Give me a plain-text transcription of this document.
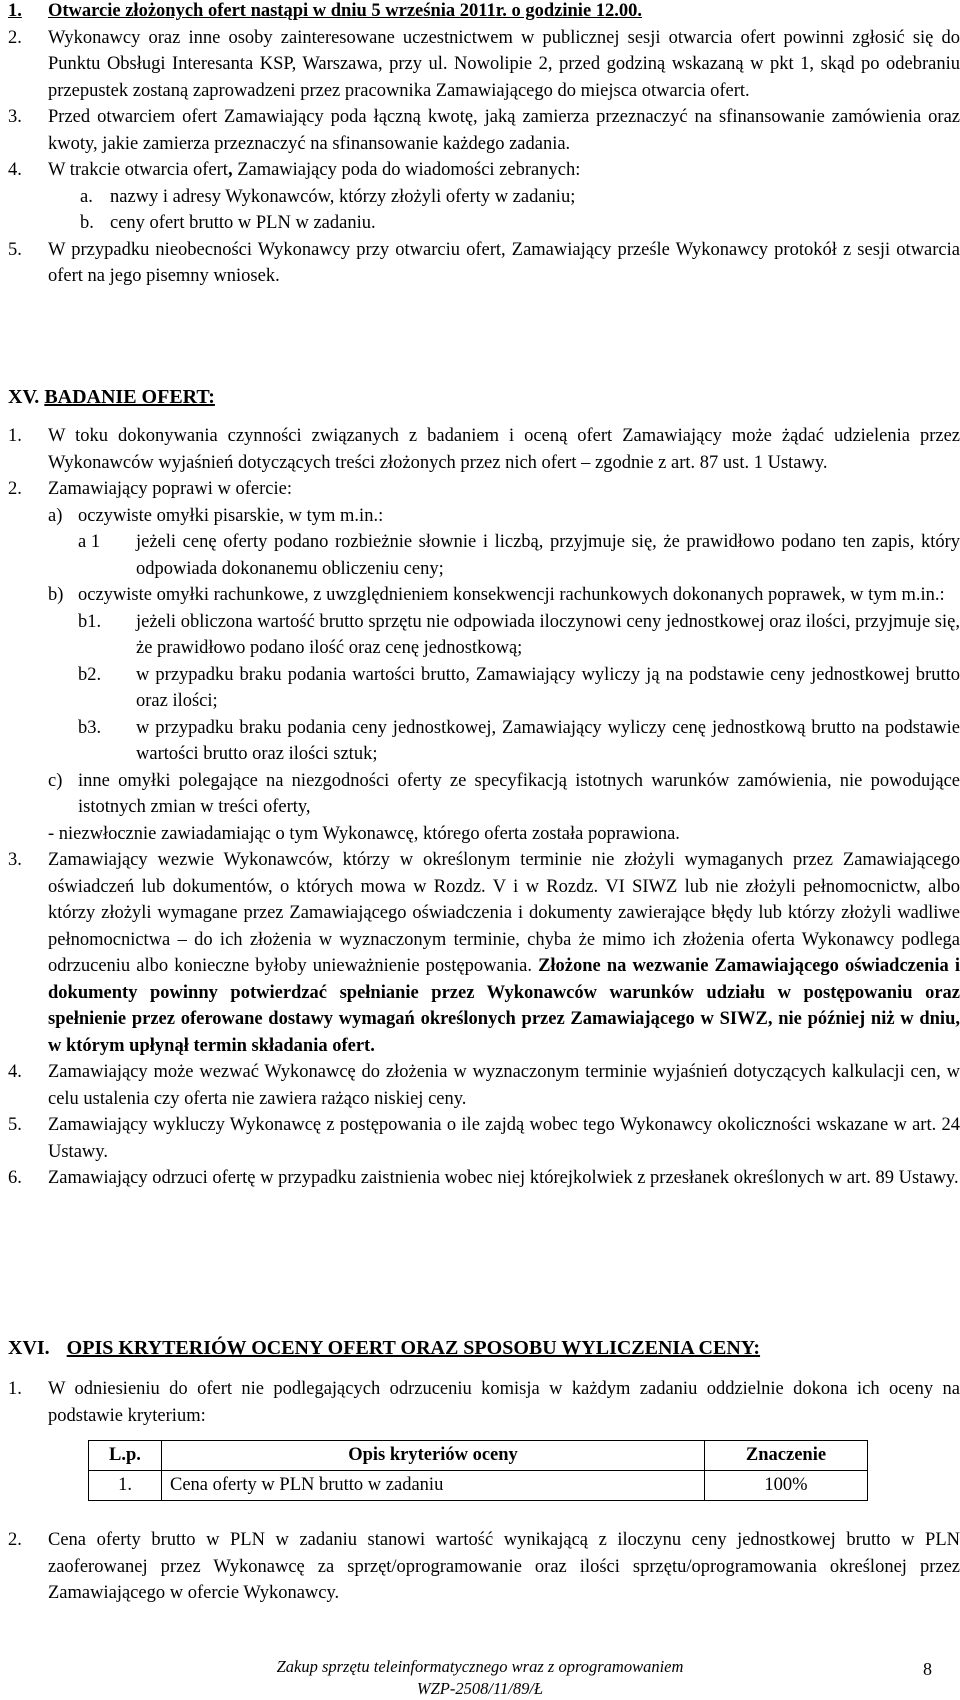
1. Otwarcie złożonych ofert nastąpi w dniu 5 września 2011r. o godzinie 12.00.
2. Wykonawcy oraz inne osoby zainteresowane uczestnictwem w publicznej sesji otwarcia ofert powinni zgłosić się do Punktu Obsługi Interesanta KSP, Warszawa, przy ul. Nowolipie 2, przed godziną wskazaną w pkt 1, skąd po odebraniu przepustek zostaną zaprowadzeni przez pracownika Zamawiającego do miejsca otwarcia ofert.
3. Przed otwarciem ofert Zamawiający poda łączną kwotę, jaką zamierza przeznaczyć na sfinansowanie zamówienia oraz kwoty, jakie zamierza przeznaczyć na sfinansowanie każdego zadania.
4. W trakcie otwarcia ofert, Zamawiający poda do wiadomości zebranych:
a. nazwy i adresy Wykonawców, którzy złożyli oferty w zadaniu;
b. ceny ofert brutto w PLN w zadaniu.
5. W przypadku nieobecności Wykonawcy przy otwarciu ofert, Zamawiający prześle Wykonawcy protokół z sesji otwarcia ofert na jego pisemny wniosek.
XV. BADANIE OFERT:
1. W toku dokonywania czynności związanych z badaniem i oceną ofert Zamawiający może żądać udzielenia przez Wykonawców wyjaśnień dotyczących treści złożonych przez nich ofert – zgodnie z art. 87 ust. 1 Ustawy.
2. Zamawiający poprawi w ofercie:
a) oczywiste omyłki pisarskie, w tym m.in.:
a 1 jeżeli cenę oferty podano rozbieżnie słownie i liczbą, przyjmuje się, że prawidłowo podano ten zapis, który odpowiada dokonanemu obliczeniu ceny;
b) oczywiste omyłki rachunkowe, z uwzględnieniem konsekwencji rachunkowych dokonanych poprawek, w tym m.in.:
b1. jeżeli obliczona wartość brutto sprzętu nie odpowiada iloczynowi ceny jednostkowej oraz ilości, przyjmuje się, że prawidłowo podano ilość oraz cenę jednostkową;
b2. w przypadku braku podania wartości brutto, Zamawiający wyliczy ją na podstawie ceny jednostkowej brutto oraz ilości;
b3. w przypadku braku podania ceny jednostkowej, Zamawiający wyliczy cenę jednostkową brutto na podstawie wartości brutto oraz ilości sztuk;
c) inne omyłki polegające na niezgodności oferty ze specyfikacją istotnych warunków zamówienia, nie powodujące istotnych zmian w treści oferty,
- niezwłocznie zawiadamiając o tym Wykonawcę, którego oferta została poprawiona.
3. Zamawiający wezwie Wykonawców, którzy w określonym terminie nie złożyli wymaganych przez Zamawiającego oświadczeń lub dokumentów, o których mowa w Rozdz. V i w Rozdz. VI SIWZ lub nie złożyli pełnomocnictw, albo którzy złożyli wymagane przez Zamawiającego oświadczenia i dokumenty zawierające błędy lub którzy złożyli wadliwe pełnomocnictwa – do ich złożenia w wyznaczonym terminie, chyba że mimo ich złożenia oferta Wykonawcy podlega odrzuceniu albo konieczne byłoby unieważnienie postępowania. Złożone na wezwanie Zamawiającego oświadczenia i dokumenty powinny potwierdzać spełnianie przez Wykonawców warunków udziału w postępowaniu oraz spełnienie przez oferowane dostawy wymagań określonych przez Zamawiającego w SIWZ, nie później niż w dniu, w którym upłynął termin składania ofert.
4. Zamawiający może wezwać Wykonawcę do złożenia w wyznaczonym terminie wyjaśnień dotyczących kalkulacji cen, w celu ustalenia czy oferta nie zawiera rażąco niskiej ceny.
5. Zamawiający wykluczy Wykonawcę z postępowania o ile zajdą wobec tego Wykonawcy okoliczności wskazane w art. 24 Ustawy.
6. Zamawiający odrzuci ofertę w przypadku zaistnienia wobec niej którejkolwiek z przesłanek określonych w art. 89 Ustawy.
XVI. OPIS KRYTERIÓW OCENY OFERT ORAZ SPOSOBU WYLICZENIA CENY:
1. W odniesieniu do ofert nie podlegających odrzuceniu komisja w każdym zadaniu oddzielnie dokona ich oceny na podstawie kryterium:
L.p.	Opis kryteriów oceny	Znaczenie
1.	Cena oferty w PLN brutto w zadaniu	100%
2. Cena oferty brutto w PLN w zadaniu stanowi wartość wynikającą z iloczynu ceny jednostkowej brutto w PLN zaoferowanej przez Wykonawcę za sprzęt/oprogramowanie oraz ilości sprzętu/oprogramowania określonej przez Zamawiającego w ofercie Wykonawcy.
Zakup sprzętu teleinformatycznego wraz z oprogramowaniem
WZP-2508/11/89/Ł
8
